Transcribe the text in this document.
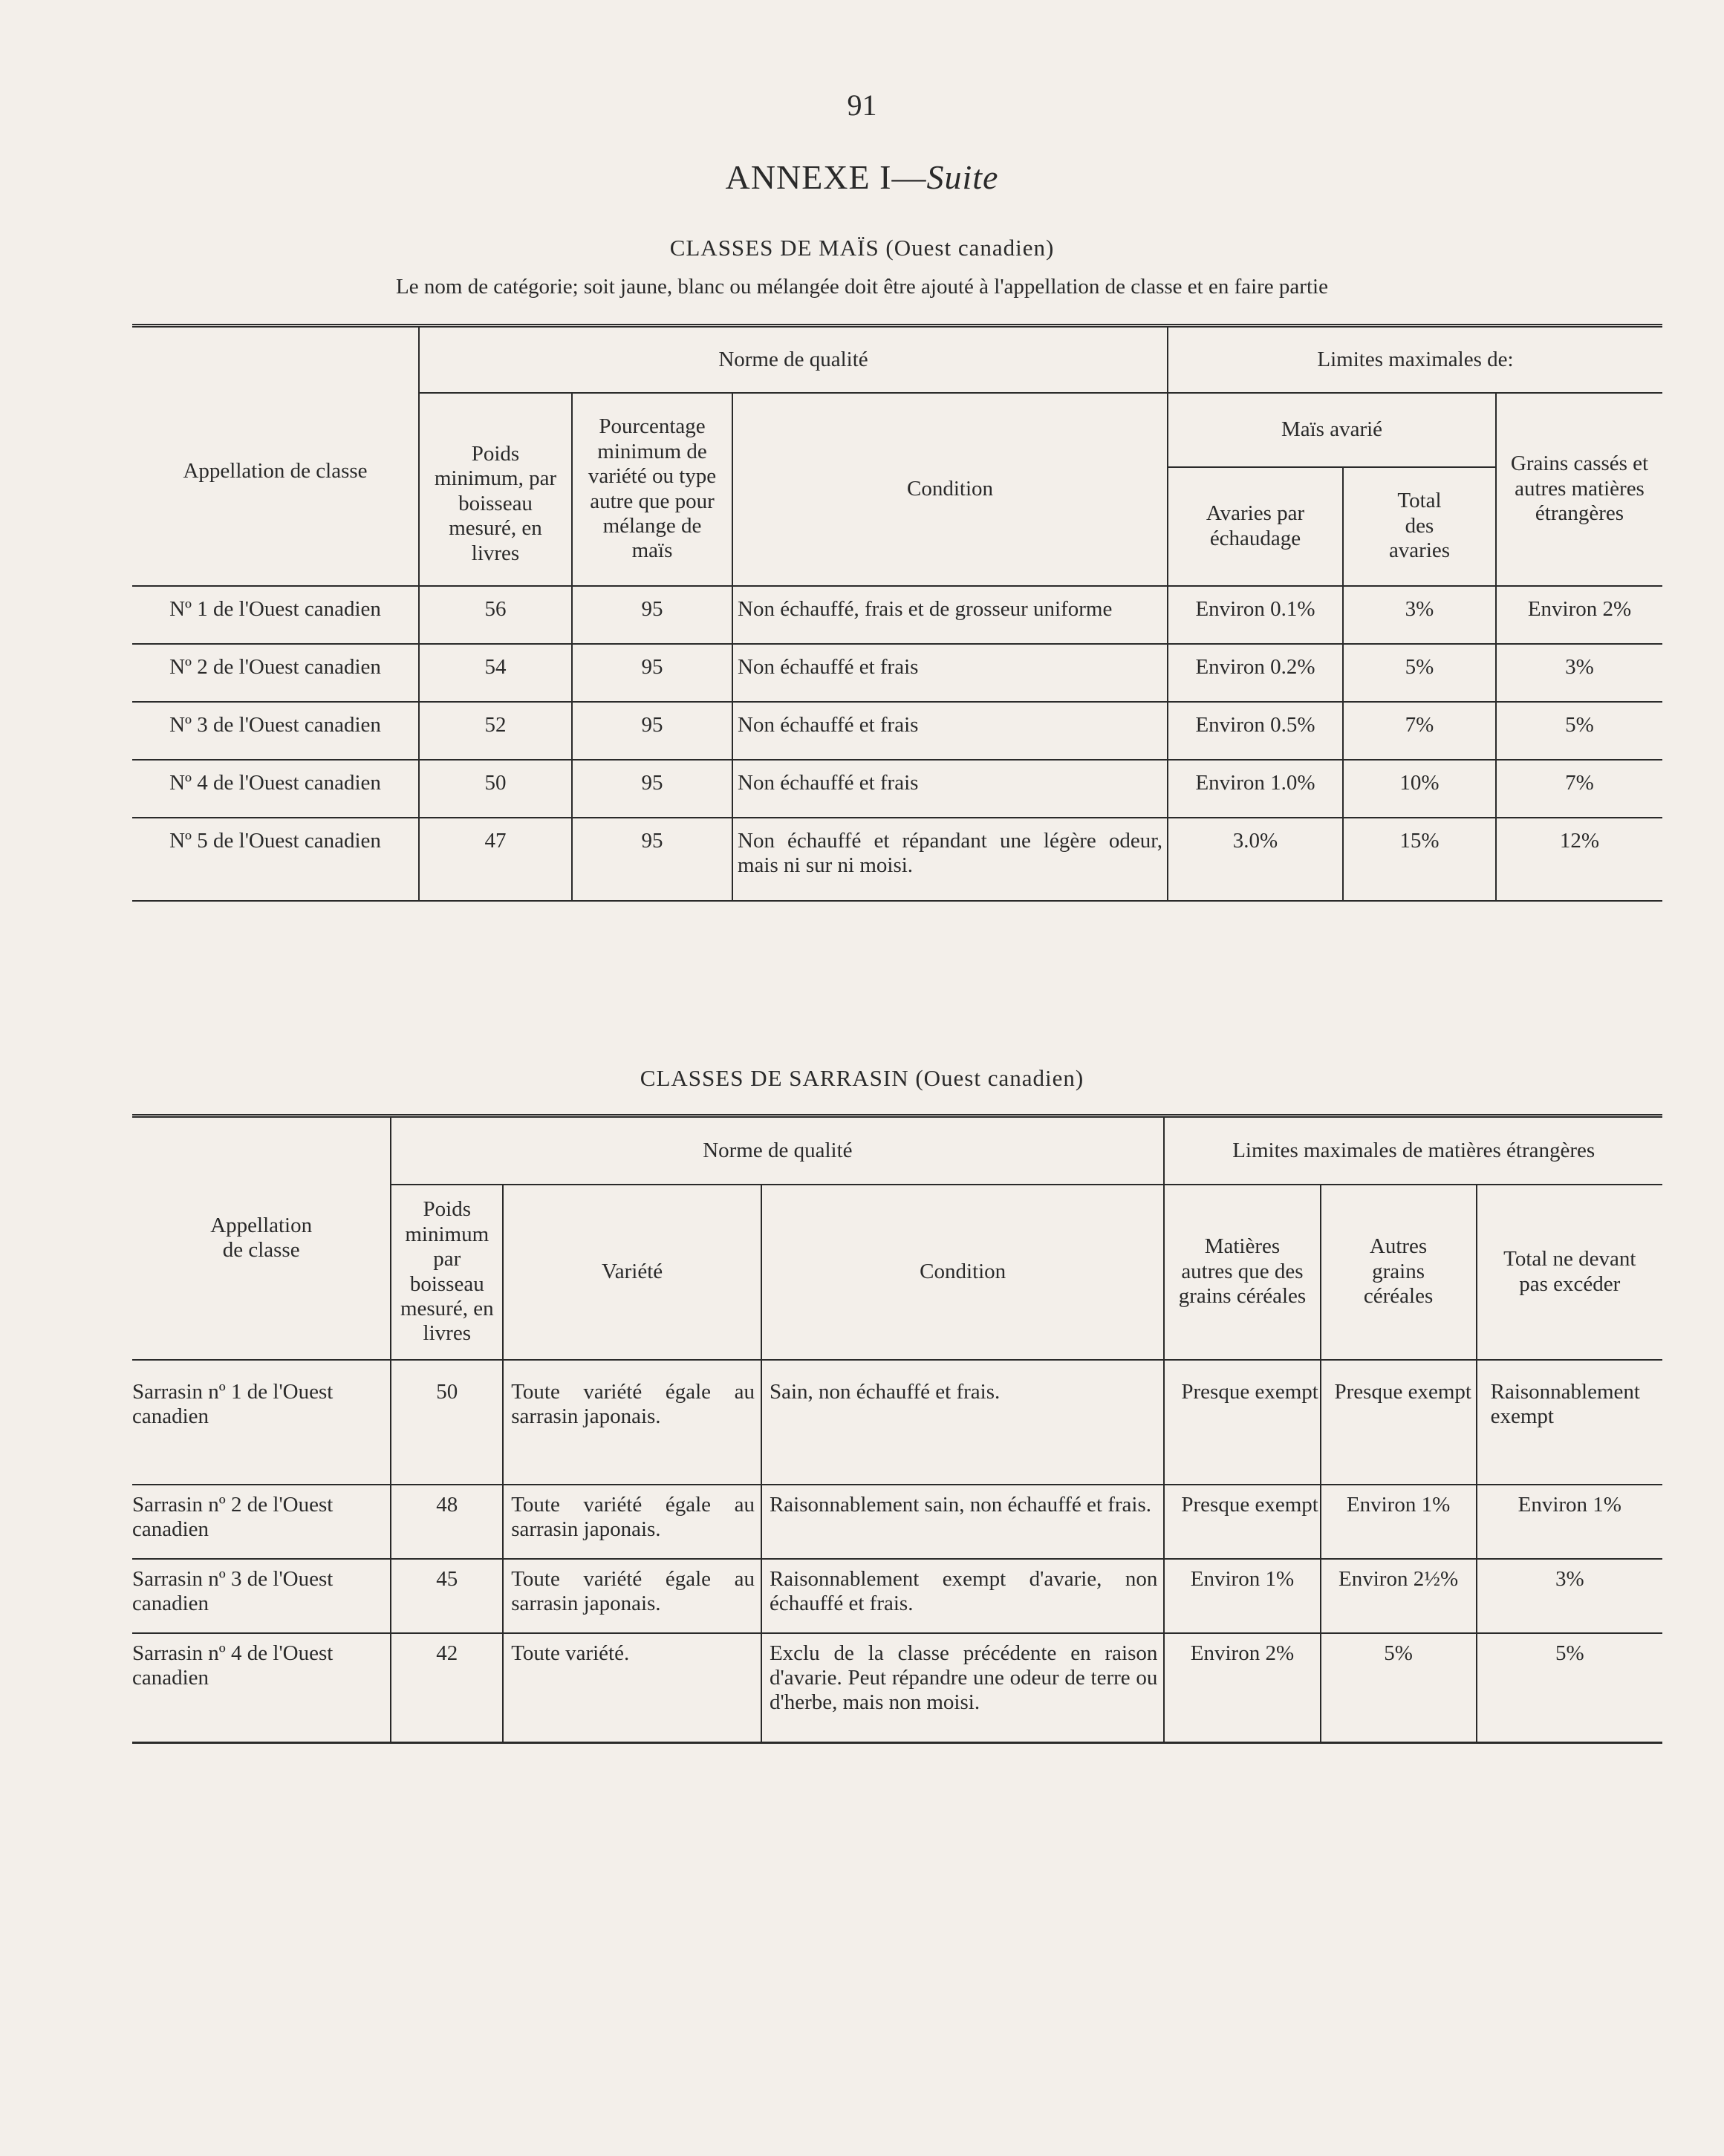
91
ANNEXE I—Suite
CLASSES DE MAÏS (Ouest canadien)
Le nom de catégorie; soit jaune, blanc ou mélangée doit être ajouté à l'appellation de classe et en faire partie
Appellation de classe	Norme de qualité			Limites maximales de:		
	Poids minimum, par boisseau mesuré, en livres	Pourcentage minimum de variété ou type autre que pour mélange de maïs	Condition	Maïs avarié		Grains cassés et autres matières étrangères
				Avaries par échaudage	Total des avaries	
Nº 1 de l'Ouest canadien	56	95	Non échauffé, frais et de grosseur uniforme	Environ 0.1%	3%	Environ 2%
Nº 2 de l'Ouest canadien	54	95	Non échauffé et frais	Environ 0.2%	5%	3%
Nº 3 de l'Ouest canadien	52	95	Non échauffé et frais	Environ 0.5%	7%	5%
Nº 4 de l'Ouest canadien	50	95	Non échauffé et frais	Environ 1.0%	10%	7%
Nº 5 de l'Ouest canadien	47	95	Non échauffé et répandant une légère odeur, mais ni sur ni moisi.	3.0%	15%	12%
CLASSES DE SARRASIN (Ouest canadien)
Appellation de classe	Norme de qualité			Limites maximales de matières étrangères		
	Poids minimum par boisseau mesuré, en livres	Variété	Condition	Matières autres que des grains céréales	Autres grains céréales	Total ne devant pas excéder
Sarrasin nº 1 de l'Ouest canadien	50	Toute variété égale au sarrasin japonais.	Sain, non échauffé et frais.	Presque exempt	Presque exempt	Raisonnablement exempt
Sarrasin nº 2 de l'Ouest canadien	48	Toute variété égale au sarrasin japonais.	Raisonnablement sain, non échauffé et frais.	Presque exempt	Environ 1%	Environ 1%
Sarrasin nº 3 de l'Ouest canadien	45	Toute variété égale au sarrasin japonais.	Raisonnablement exempt d'avarie, non échauffé et frais.	Environ 1%	Environ 2½%	3%
Sarrasin nº 4 de l'Ouest canadien	42	Toute variété.	Exclu de la classe précédente en raison d'avarie. Peut répandre une odeur de terre ou d'herbe, mais non moisi.	Environ 2%	5%	5%
